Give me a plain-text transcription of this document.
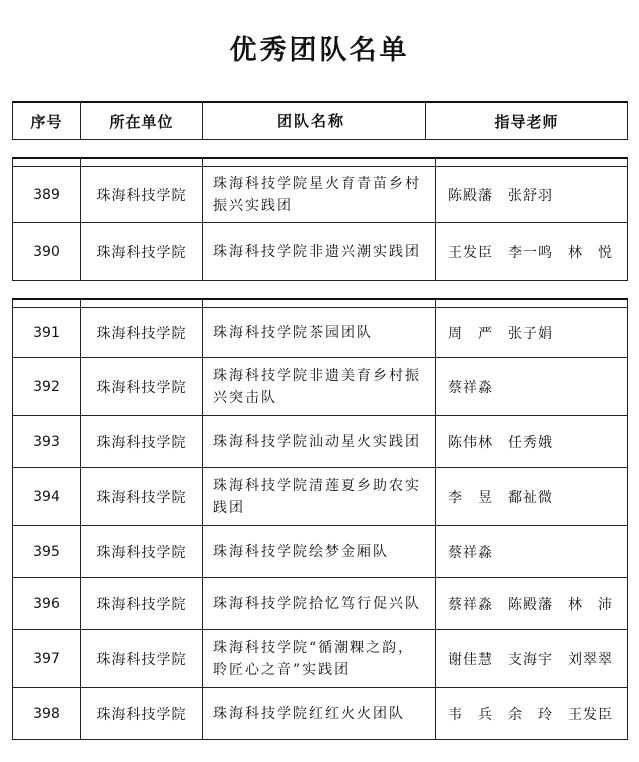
优秀团队名单
序号	所在单位	团队名称	指导老师

389	珠海科技学院	珠海科技学院星火育青苗乡村振兴实践团	陈殿藩　张舒羽
390	珠海科技学院	珠海科技学院非遗兴潮实践团	王发臣　李一鸣　林　悦

391	珠海科技学院	珠海科技学院茶园团队	周　严　张子娟
392	珠海科技学院	珠海科技学院非遗美育乡村振兴突击队	蔡祥淼
393	珠海科技学院	珠海科技学院汕动星火实践团	陈伟林　任秀娥
394	珠海科技学院	珠海科技学院清莲夏乡助农实践团	李　昱　鄱祉微
395	珠海科技学院	珠海科技学院绘梦金厢队	蔡祥淼
396	珠海科技学院	珠海科技学院拾忆笃行促兴队	蔡祥淼　陈殿藩　林　沛
397	珠海科技学院	珠海科技学院“循潮粿之韵，聆匠心之音”实践团	谢佳慧　支海宇　刘翠翠
398	珠海科技学院	珠海科技学院红红火火团队	韦　兵　余　玲　王发臣
